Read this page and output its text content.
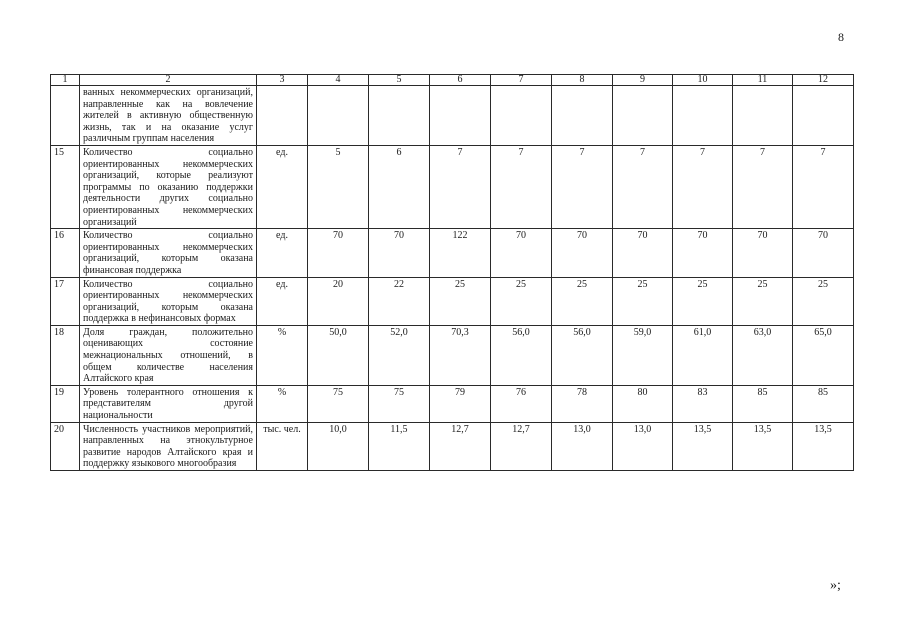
8
1	2	3	4	5	6	7	8	9	10	11	12
	ванных некоммерческих организаций, направленные как на вовлечение жителей в активную общественную жизнь, так и на оказание услуг различным группам населения										
15	Количество социально ориентированных некоммерческих организаций, которые реализуют программы по оказанию поддержки деятельности других социально ориентированных некоммерческих организаций	ед.	5	6	7	7	7	7	7	7	7
16	Количество социально ориентированных некоммерческих организаций, которым оказана финансовая поддержка	ед.	70	70	122	70	70	70	70	70	70
17	Количество социально ориентированных некоммерческих организаций, которым оказана поддержка в нефинансовых формах	ед.	20	22	25	25	25	25	25	25	25
18	Доля граждан, положительно оценивающих состояние межнациональных отношений, в общем количестве населения Алтайского края	%	50,0	52,0	70,3	56,0	56,0	59,0	61,0	63,0	65,0
19	Уровень толерантного отношения к представителям другой национальности	%	75	75	79	76	78	80	83	85	85
20	Численность участников мероприятий, направленных на этнокультурное развитие народов Алтайского края и поддержку языкового многообразия	тыс. чел.	10,0	11,5	12,7	12,7	13,0	13,0	13,5	13,5	13,5
»;
